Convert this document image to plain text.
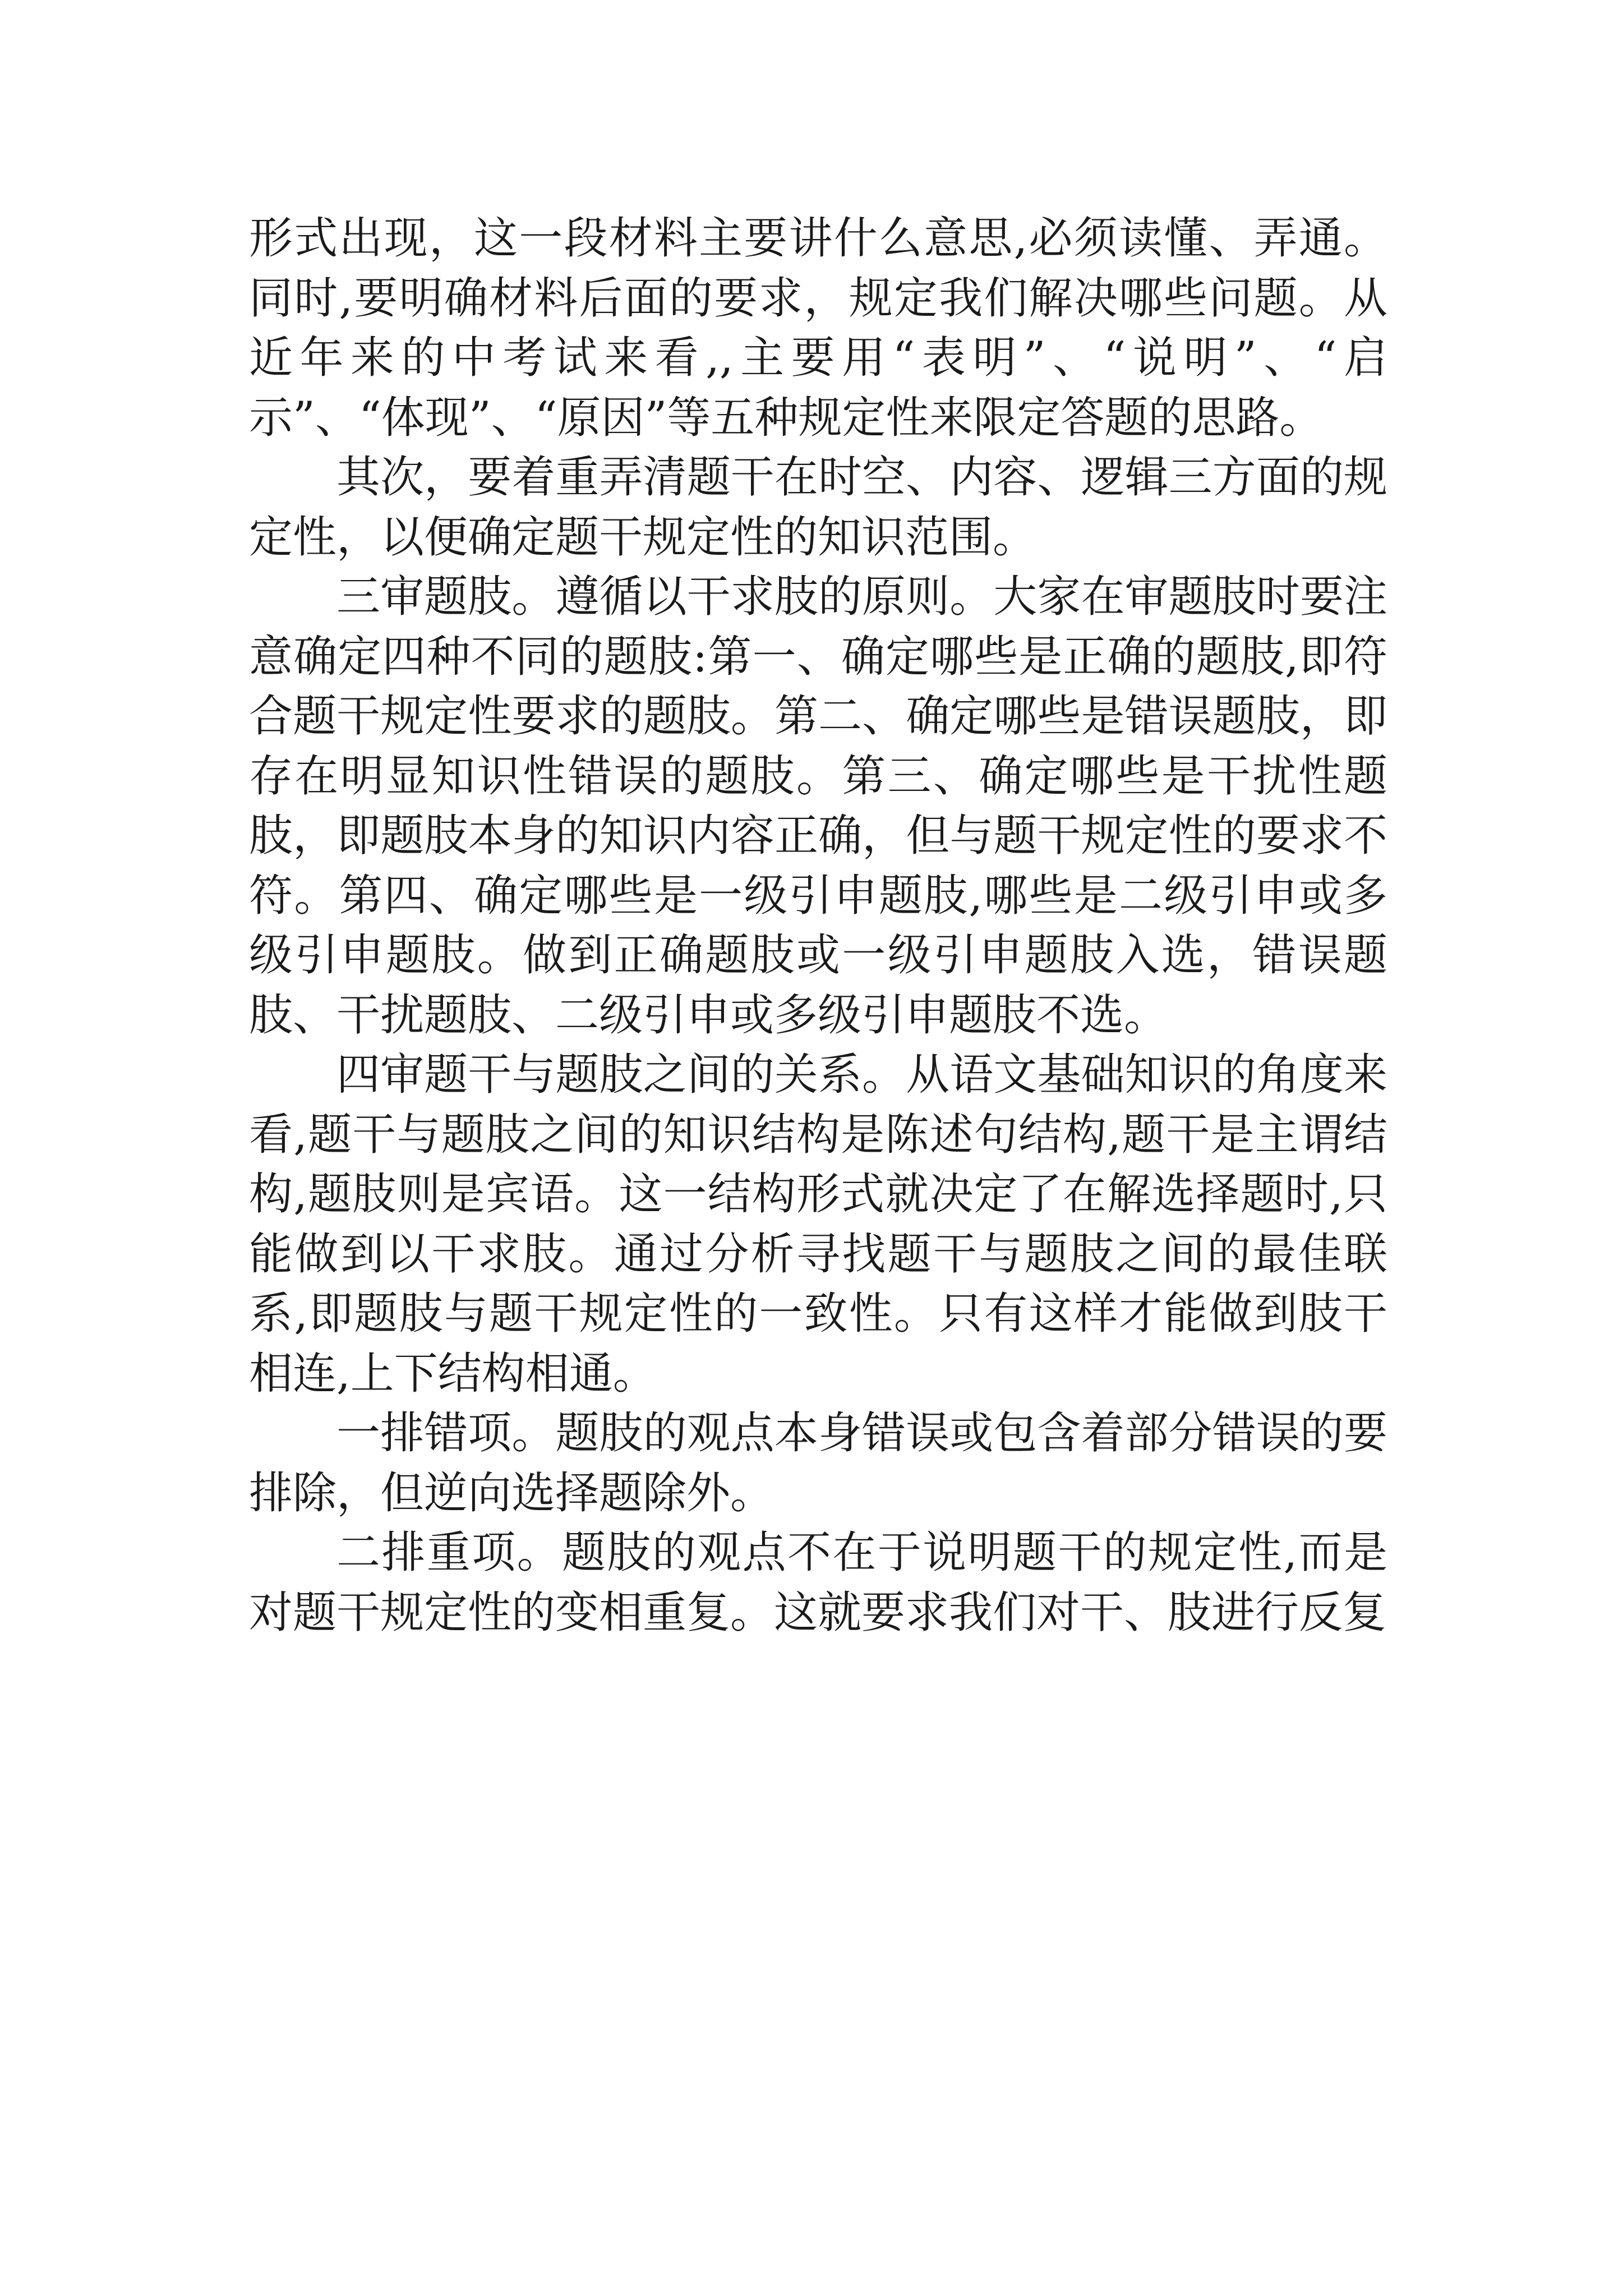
形式出现，这一段材料主要讲什么意思,必须读懂、弄通。同时,要明确材料后面的要求，规定我们解决哪些问题。从近年来的中考试来看,,主要用“表明”、“说明”、“启示”、“体现”、“原因”等五种规定性来限定答题的思路。

其次，要着重弄清题干在时空、内容、逻辑三方面的规定性，以便确定题干规定性的知识范围。

三审题肢。遵循以干求肢的原则。大家在审题肢时要注意确定四种不同的题肢:第一、确定哪些是正确的题肢,即符合题干规定性要求的题肢。第二、确定哪些是错误题肢，即存在明显知识性错误的题肢。第三、确定哪些是干扰性题肢，即题肢本身的知识内容正确，但与题干规定性的要求不符。第四、确定哪些是一级引申题肢,哪些是二级引申或多级引申题肢。做到正确题肢或一级引申题肢入选，错误题肢、干扰题肢、二级引申或多级引申题肢不选。

四审题干与题肢之间的关系。从语文基础知识的角度来看,题干与题肢之间的知识结构是陈述句结构,题干是主谓结构,题肢则是宾语。这一结构形式就决定了在解选择题时,只能做到以干求肢。通过分析寻找题干与题肢之间的最佳联系,即题肢与题干规定性的一致性。只有这样才能做到肢干相连,上下结构相通。

一排错项。题肢的观点本身错误或包含着部分错误的要排除，但逆向选择题除外。

二排重项。题肢的观点不在于说明题干的规定性,而是对题干规定性的变相重复。这就要求我们对干、肢进行反复
